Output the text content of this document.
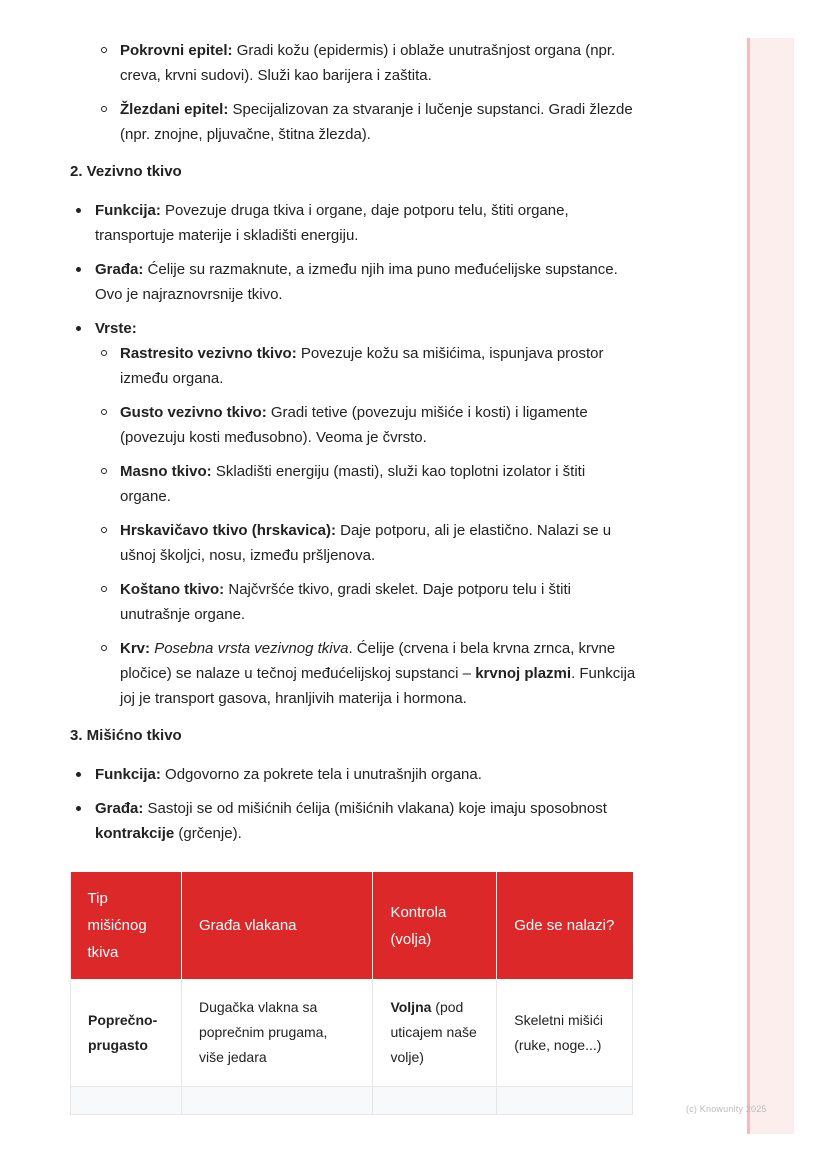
(c) Knowunity 2025
Pokrovni epitel: Gradi kožu (epidermis) i oblaže unutrašnjost organa (npr. creva, krvni sudovi). Služi kao barijera i zaštita.
Žlezdani epitel: Specijalizovan za stvaranje i lučenje supstanci. Gradi žlezde (npr. znojne, pljuvačne, štitna žlezda).
2. Vezivno tkivo
Funkcija: Povezuje druga tkiva i organe, daje potporu telu, štiti organe, transportuje materije i skladišti energiju.
Građa: Ćelije su razmaknute, a između njih ima puno međućelijske supstance. Ovo je najraznovrsnije tkivo.
Vrste:
Rastresito vezivno tkivo: Povezuje kožu sa mišićima, ispunjava prostor između organa.
Gusto vezivno tkivo: Gradi tetive (povezuju mišiće i kosti) i ligamente (povezuju kosti međusobno). Veoma je čvrsto.
Masno tkivo: Skladišti energiju (masti), služi kao toplotni izolator i štiti organe.
Hrskavičavo tkivo (hrskavica): Daje potporu, ali je elastično. Nalazi se u ušnoj školjci, nosu, između pršljenova.
Koštano tkivo: Najčvršće tkivo, gradi skelet. Daje potporu telu i štiti unutrašnje organe.
Krv: Posebna vrsta vezivnog tkiva. Ćelije (crvena i bela krvna zrnca, krvne pločice) se nalaze u tečnoj međućelijskoj supstanci – krvnoj plazmi. Funkcija joj je transport gasova, hranljivih materija i hormona.
3. Mišićno tkivo
Funkcija: Odgovorno za pokrete tela i unutrašnjih organa.
Građa: Sastoji se od mišićnih ćelija (mišićnih vlakana) koje imaju sposobnost kontrakcije (grčenje).
Tip mišićnog tkiva	Građa vlakana	Kontrola (volja)	Gde se nalazi?
Poprečno-prugasto	Dugačka vlakna sa poprečnim prugama, više jedara	Voljna (pod uticajem naše volje)	Skeletni mišići (ruke, noge...)
